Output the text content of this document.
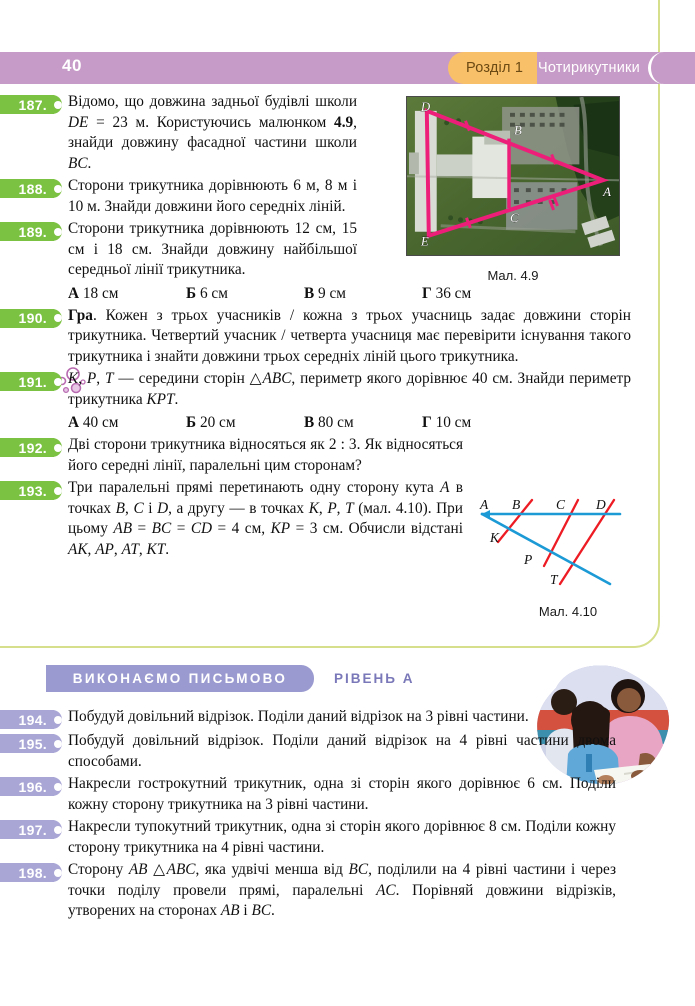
40	Розділ 1 Чотирикутники
D
B
A
C
E
Мал. 4.9
A B	C D
K
P
T
Мал. 4.10
187.	Відомо, що довжина задньої будівлі школи DE = 23 м. Користуючись малюнком 4.9, знайди довжину фасадної частини школи BC.
188.	Сторони трикутника дорівнюють 6 м, 8 м і 10 м. Знайди довжини його середніх ліній.
189.	Сторони трикутника дорівнюють 12 см, 15 см і 18 см. Знайди довжину найбільшої середньої лінії трикутника.
А 18 см	Б 6 см	В 9 см	Г 36 см
190.	Гра. Кожен з трьох учасників / кожна з трьох учасниць задає довжини сторін трикутника. Четвертий учасник / четверта учасниця має перевірити існування такого трикутника і знайти довжини трьох середніх ліній цього трикутника.
191.	K, P, T — середини сторін △ABC, периметр якого дорівнює 40 см. Знайди периметр трикутника KPT.
А 40 см	Б 20 см	В 80 см	Г 10 см
192.	Дві сторони трикутника відносяться як 2 : 3. Як відносяться його середні лінії, паралельні цим сторонам?
193.	Три паралельні прямі перетинають одну сторону кута A в точках B, C і D, а другу — в точках K, P, T (мал. 4.10). При цьому AB = BC = CD = 4 см, KP = 3 см. Обчисли відстані AK, AP, AT, KT.
ВИКОНАЄМО ПИСЬМОВО	РІВЕНЬ А
194.	Побудуй довільний відрізок. Поділи даний відрізок на 3 рівні частини.
195.	Побудуй довільний відрізок. Поділи даний відрізок на 4 рівні частини двома способами.
196.	Накресли гострокутний трикутник, одна зі сторін якого дорівнює 6 см. Поділи кожну сторону трикутника на 3 рівні частини.
197.	Накресли тупокутний трикутник, одна зі сторін якого дорівнює 8 см. Поділи кожну сторону трикутника на 4 рівні частини.
198.	Сторону AB △ABC, яка удвічі менша від BC, поділили на 4 рівні частини і через точки поділу провели прямі, паралельні AC. Порівняй довжини відрізків, утворених на сторонах AB і BC.
